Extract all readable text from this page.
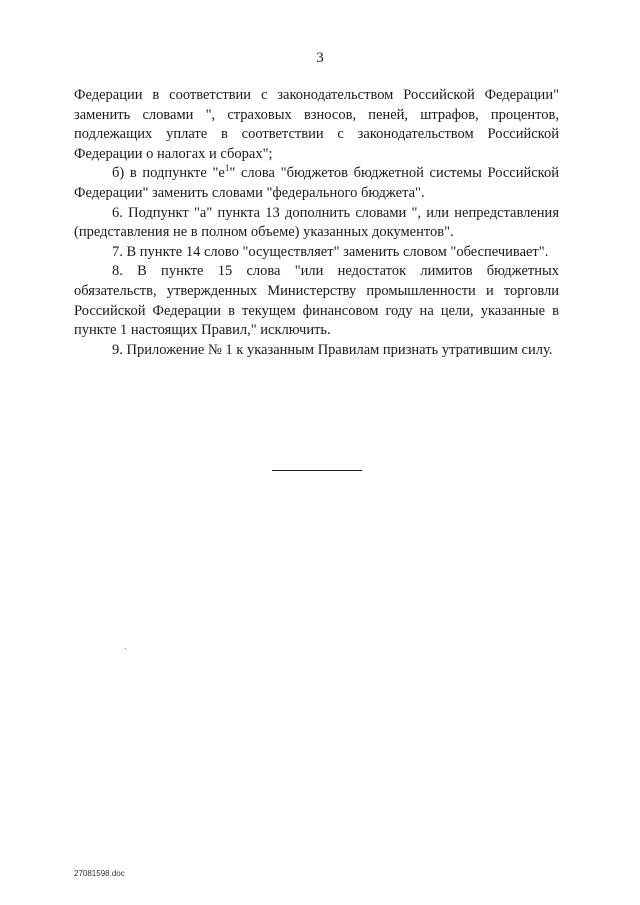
3

Федерации в соответствии с законодательством Российской Федерации" заменить словами ", страховых взносов, пеней, штрафов, процентов, подлежащих уплате в соответствии с законодательством Российской Федерации о налогах и сборах";

б) в подпункте "$е^1$" слова "бюджетов бюджетной системы Российской Федерации" заменить словами "федерального бюджета".

6. Подпункт "а" пункта 13 дополнить словами ", или непредставления (представления не в полном объеме) указанных документов".

7. В пункте 14 слово "осуществляет" заменить словом "обеспечивает".

8. В пункте 15 слова "или недостаток лимитов бюджетных обязательств, утвержденных Министерству промышленности и торговли Российской Федерации в текущем финансовом году на цели, указанные в пункте 1 настоящих Правил," исключить.

9. Приложение № 1 к указанным Правилам признать утратившим силу.

27081598.doc
